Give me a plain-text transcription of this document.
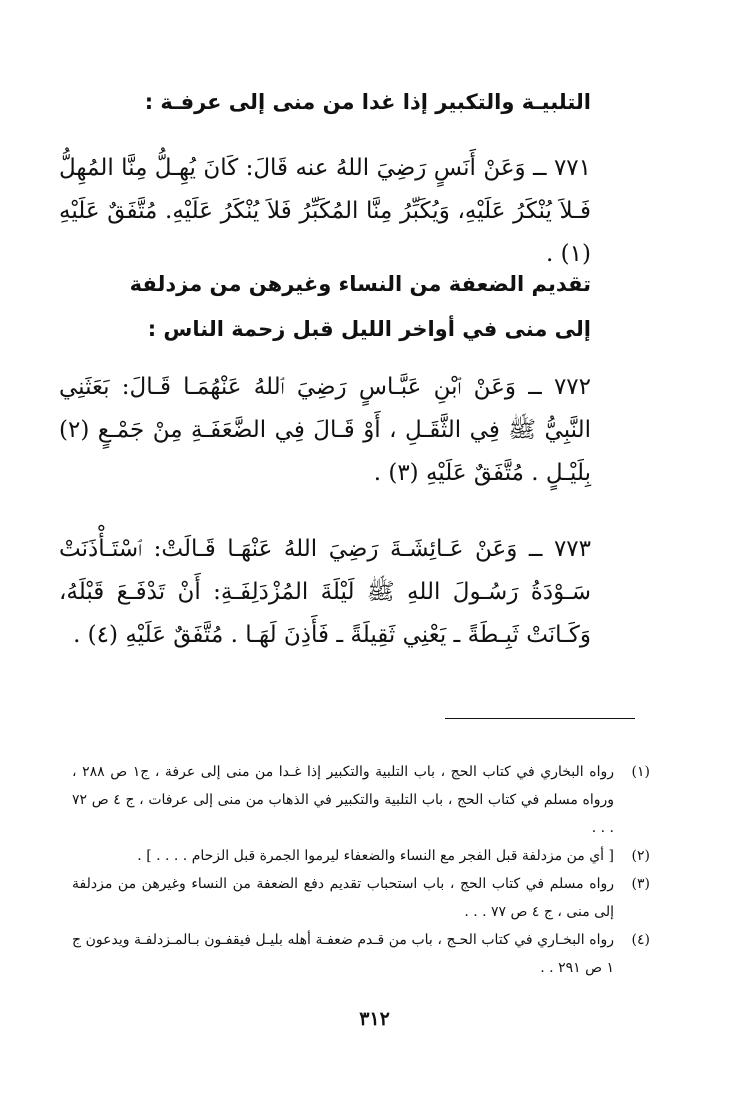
التلبيـة والتكبير إذا غدا من منى إلى عرفـة :
٧٧١ ــ وَعَنْ أَنَسٍ رَضِيَ اللهُ عنه قَالَ: كَانَ يُهِـلُّ مِنَّا المُهِلُّ فَـلاَ يُنْكَرُ عَلَيْهِ، وَيُكَبِّرُ مِنَّا المُكَبِّرُ فَلاَ يُنْكَرُ عَلَيْهِ. مُتَّفَقٌ عَلَيْهِ (١) .
تقديم الضعفة من النساء وغيرهن من مزدلفة
إلى منى في أواخر الليل قبل زحمة الناس :
٧٧٢ ــ وَعَنْ ٱبْنِ عَبَّـاسٍ رَضِيَ ٱللهُ عَنْهُمَـا قَـالَ: بَعَثَنِي النَّبِيُّ ﷺ فِي الثَّقَـلِ ، أَوْ قَـالَ فِي الضَّعَفَـةِ مِنْ جَمْـعٍ (٢) بِلَيْـلٍ . مُتَّفَقٌ عَلَيْهِ (٣) .
٧٧٣ ــ وَعَنْ عَـائِشَـةَ رَضِيَ اللهُ عَنْهَـا قَـالَتْ: ٱسْتَـأْذَنَتْ سَـوْدَةُ رَسُـولَ اللهِ ﷺ لَيْلَةَ المُزْدَلِفَـةِ: أَنْ تَدْفَـعَ قَبْلَهُ، وَكَـانَتْ ثَبِـطَةً ـ يَعْنِي ثَقِيلَةً ـ فَأَذِنَ لَهَـا . مُتَّفَقٌ عَلَيْهِ (٤) .
(١)
رواه البخاري في كتاب الحج ، باب التلبية والتكبير إذا غـدا من منى إلى عرفة ، ج١ ص ٢٨٨ ، ورواه مسلم في كتاب الحج ، باب التلبية والتكبير في الذهاب من منى إلى عرفات ، ج ٤ ص ٧٢ . . .
(٢)
[ أي من مزدلفة قبل الفجر مع النساء والضعفاء ليرموا الجمرة قبل الزحام . . . . ] .
(٣)
رواه مسلم في كتاب الحج ، باب استحباب تقديم دفع الضعفة من النساء وغيرهن من مزدلفة إلى منى ، ج ٤ ص ٧٧ . . .
(٤)
رواه البخـاري في كتاب الحـج ، باب من قـدم ضعفـة أهله بليـل فيقفـون بـالمـزدلفـة ويدعون ج ١ ص ٢٩١ . .
٣١٢
